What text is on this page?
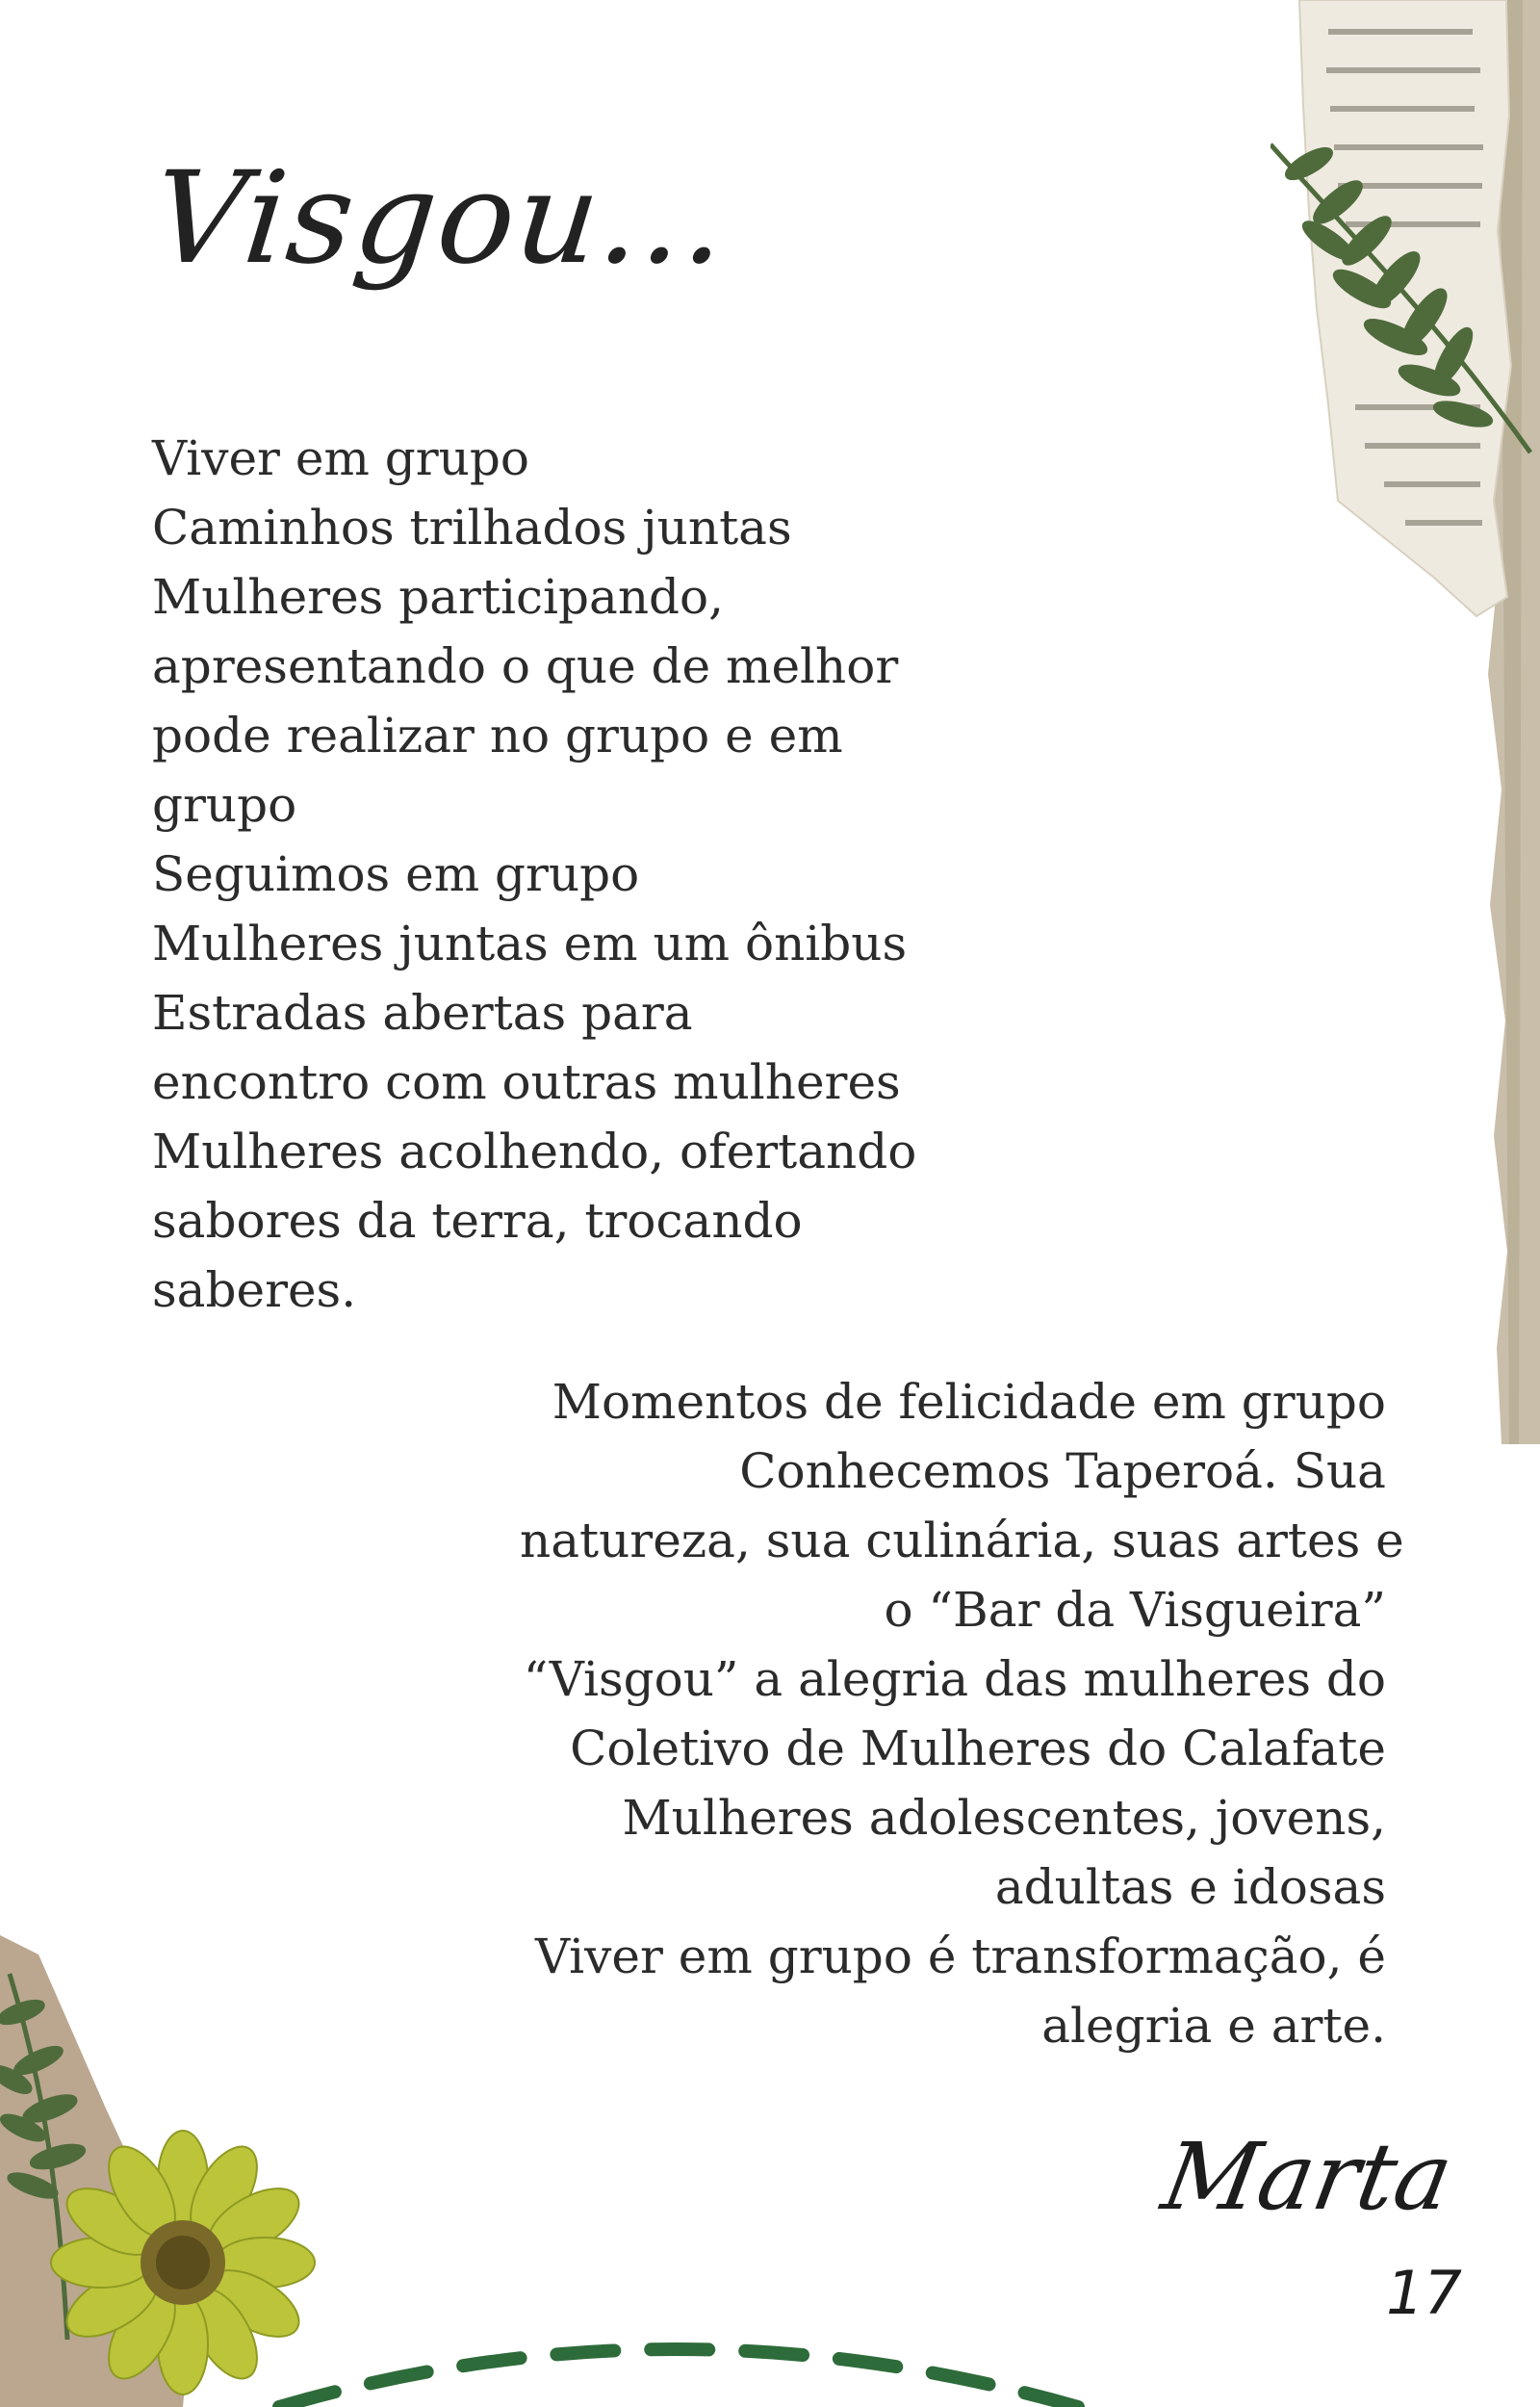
Visgou...
Viver em grupo
Caminhos trilhados juntas
Mulheres participando,
apresentando o que de melhor
pode realizar no grupo e em
grupo
Seguimos em grupo
Mulheres juntas em um ônibus
Estradas abertas para
encontro com outras mulheres
Mulheres acolhendo, ofertando
sabores da terra, trocando
saberes.
Momentos de felicidade em grupo
Conhecemos Taperoá. Sua
natureza, sua culinária, suas artes e
o “Bar da Visgueira”
“Visgou” a alegria das mulheres do
Coletivo de Mulheres do Calafate
Mulheres adolescentes, jovens,
adultas e idosas
Viver em grupo é transformação, é
alegria e arte.
Marta
17
